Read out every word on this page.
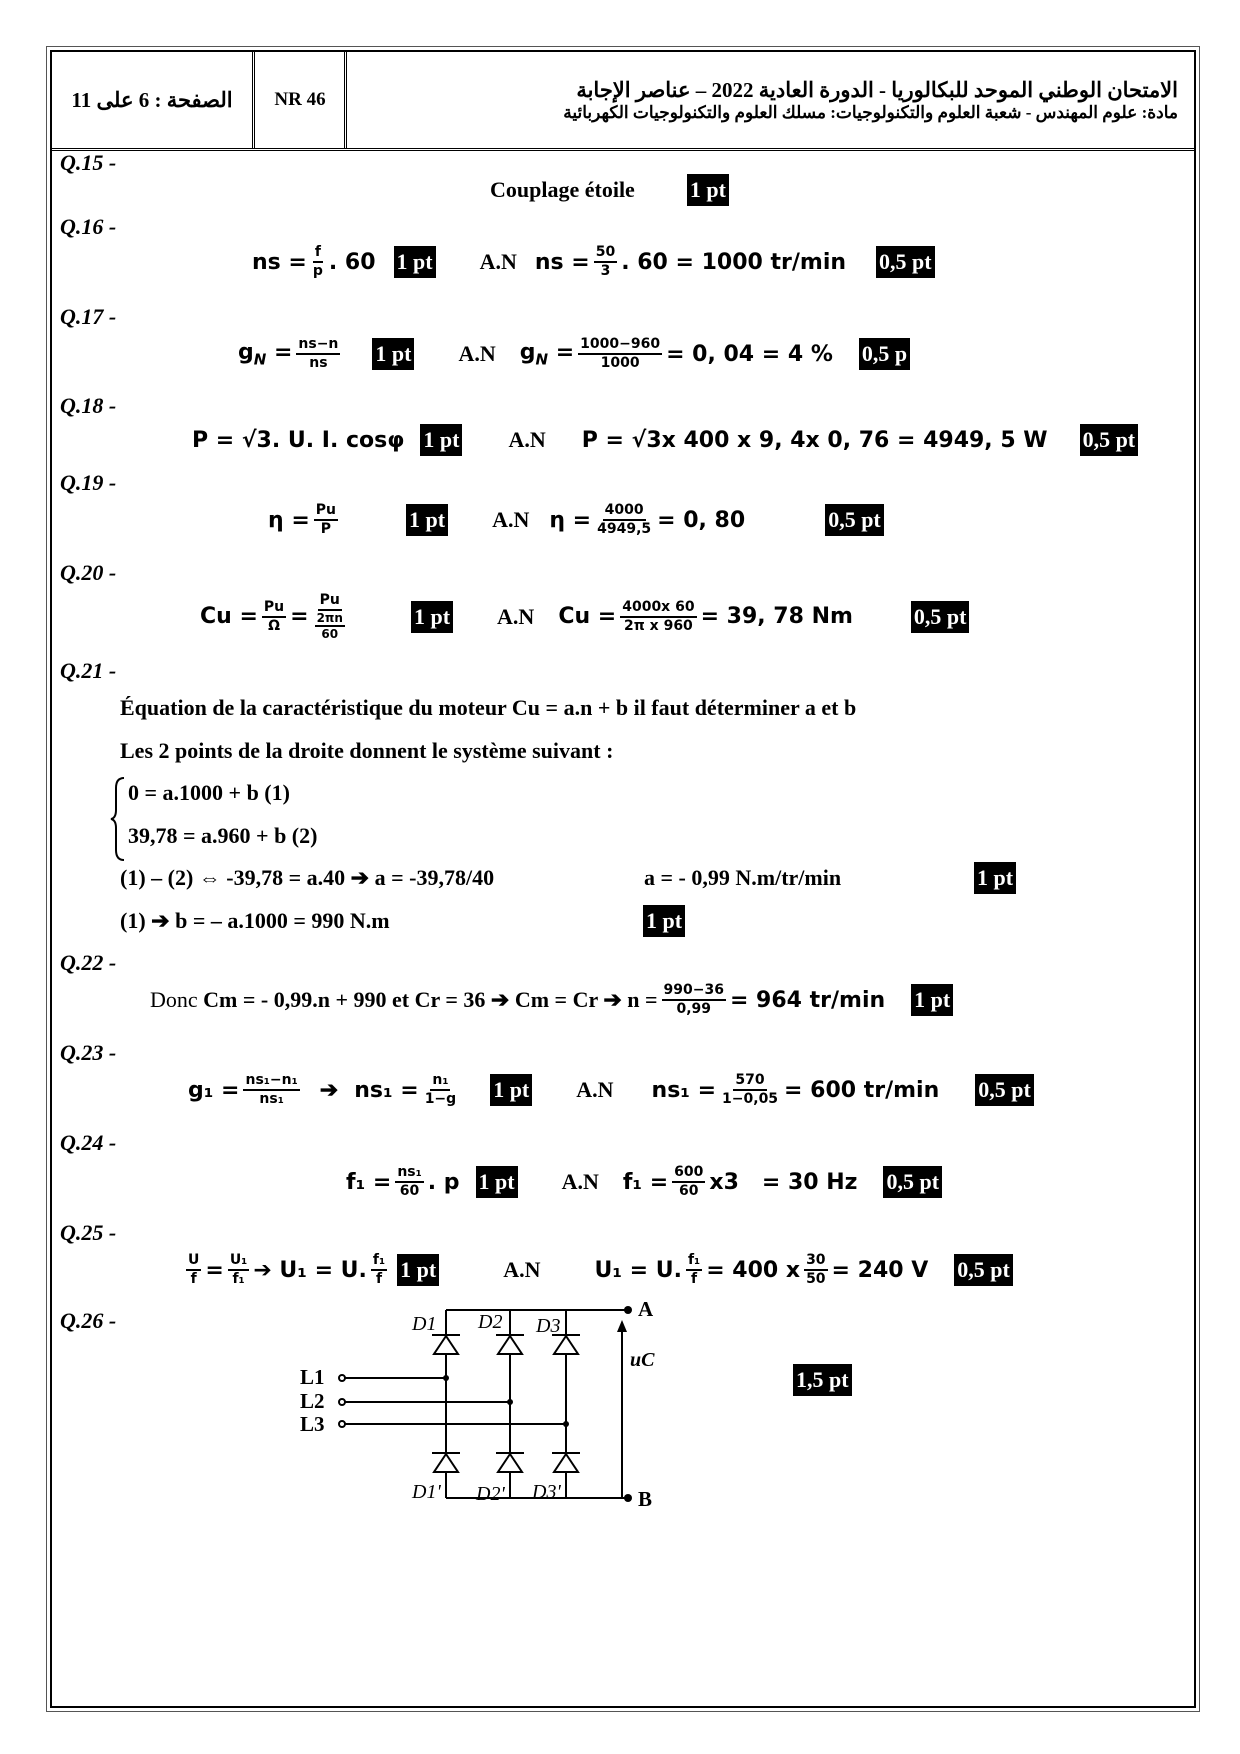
الصفحة : 6 على 11	NR 46	الامتحان الوطني الموحد للبكالوريا - الدورة العادية 2022 – عناصر الإجابة
مادة: علوم المهندس - شعبة العلوم والتكنولوجيات: مسلك العلوم والتكنولوجيات الكهربائية
Q.15 -
Couplage étoile	1 pt
Q.16 -
ns = $\frac{f}{p}$ . 60 1 pt A.N ns = $\frac{50}{3}$ . 60 = 1000 tr/min 0,5 pt
Q.17 -
$g_N = \frac{ns-n}{ns} 1$ pt A.N $g_N = \frac{1000-960}{1000} = 0$, 04 = 4 % 0,5 p
Q.18 -
P = √3. U. I. cosφ 1 pt A.N P = √3x 400 x 9, 4x 0, 76 = 4949, 5 W 0,5 pt
Q.19 -
$\eta = \frac{Pu}{P}$	1 pt A.N $\eta = \frac{4000}{4949,5} = 0$, 80	0,5 pt
Q.20 -
$Cu = \frac{Pu}{\Omega} = \frac{Pu}{\frac{2\pi n}{60}}$	1 pt A.N $Cu = \frac{4000x 60}{\text{2π x 960}} = 39$, 78 Nm	0,5 pt
Q.21 -
Équation de la caractéristique du moteur Cu = a.n + b il faut déterminer a et b
Les 2 points de la droite donnent le système suivant :
0 = a.1000 + b (1)
39,78 = a.960 + b (2)
(1) – (2) ⇔ -39,78 = a.40 ➔ a = -39,78/40	a = - 0,99 N.m/tr/min	1 pt
(1) ➔ b = – a.1000 = 990 N.m	1 pt
Q.22 -
Donc Cm = - 0,99.n + 990 et Cr = 36 ➔ Cm = Cr ➔ $n = \frac{990-36}{0,99} = 964$ tr/min 1 pt
Q.23 -
$g_1 = \frac{\text{ns₁−n₁}}{\text{ns₁}}$ ➔ $ns_1 = \frac{\text{n₁}}{1-g} 1$ pt A.N $ns_1 = \frac{570}{1-0,05} = 600$ tr/min 0,5 pt
Q.24 -
$f_1 = \frac{\text{ns₁}}{60}$ . p 1 pt A.N $f_1 = \frac{600}{60} x3 = 30$ Hz 0,5 pt
Q.25 -
$\frac{U}{f} = \frac{\text{U₁}}{\text{f₁}}$ ➔ U₁ = U. $\frac{\text{f₁}}{f} 1$ pt	A.N U₁ = U. $\frac{\text{f₁}}{f} = 400$ x $\frac{30}{50} = 240$ V 0,5 pt
Q.26 -
1,5 pt
D1 D2 D3
D1' D2' D3'
L1
L2
L3
A
B
uC
